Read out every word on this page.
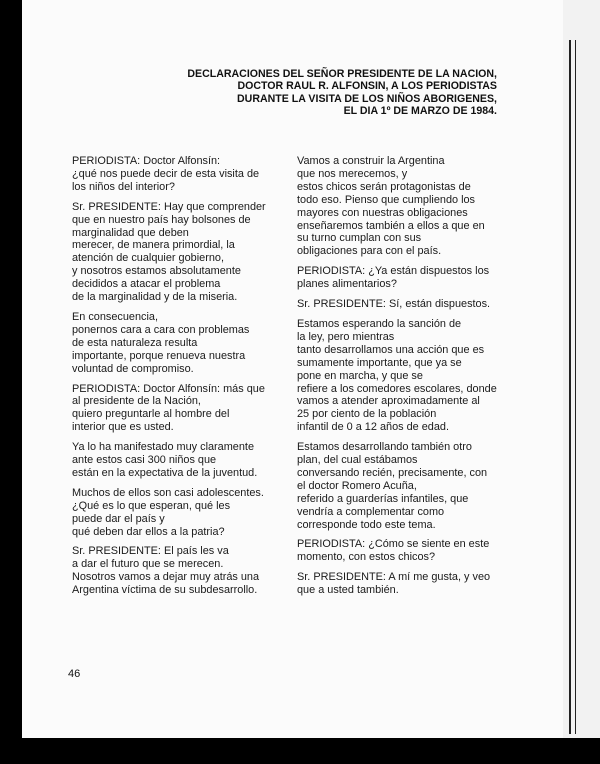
DECLARACIONES DEL SEÑOR PRESIDENTE DE LA NACION,
DOCTOR RAUL R. ALFONSIN, A LOS PERIODISTAS
DURANTE LA VISITA DE LOS NIÑOS ABORIGENES,
EL DIA 1º DE MARZO DE 1984.
PERIODISTA: Doctor Alfonsín:
¿qué nos puede decir de esta visita de
los niños del interior?
Sr. PRESIDENTE: Hay que comprender
que en nuestro país hay bolsones de
marginalidad que deben
merecer, de manera primordial, la
atención de cualquier gobierno,
y nosotros estamos absolutamente
decididos a atacar el problema
de la marginalidad y de la miseria.
En consecuencia,
ponernos cara a cara con problemas
de esta naturaleza resulta
importante, porque renueva nuestra
voluntad de compromiso.
PERIODISTA: Doctor Alfonsín: más que
al presidente de la Nación,
quiero preguntarle al hombre del
interior que es usted.
Ya lo ha manifestado muy claramente
ante estos casi 300 niños que
están en la expectativa de la juventud.
Muchos de ellos son casi adolescentes.
¿Qué es lo que esperan, qué les
puede dar el país y
qué deben dar ellos a la patria?
Sr. PRESIDENTE: El país les va
a dar el futuro que se merecen.
Nosotros vamos a dejar muy atrás una
Argentina víctima de su subdesarrollo.
Vamos a construir la Argentina
que nos merecemos, y
estos chicos serán protagonistas de
todo eso. Pienso que cumpliendo los
mayores con nuestras obligaciones
enseñaremos también a ellos a que en
su turno cumplan con sus
obligaciones para con el país.
PERIODISTA: ¿Ya están dispuestos los
planes alimentarios?
Sr. PRESIDENTE: Sí, están dispuestos.
Estamos esperando la sanción de
la ley, pero mientras
tanto desarrollamos una acción que es
sumamente importante, que ya se
pone en marcha, y que se
refiere a los comedores escolares, donde
vamos a atender aproximadamente al
25 por ciento de la población
infantil de 0 a 12 años de edad.
Estamos desarrollando también otro
plan, del cual estábamos
conversando recién, precisamente, con
el doctor Romero Acuña,
referido a guarderías infantiles, que
vendría a complementar como
corresponde todo este tema.
PERIODISTA: ¿Cómo se siente en este
momento, con estos chicos?
Sr. PRESIDENTE: A mí me gusta, y veo
que a usted también.
46
